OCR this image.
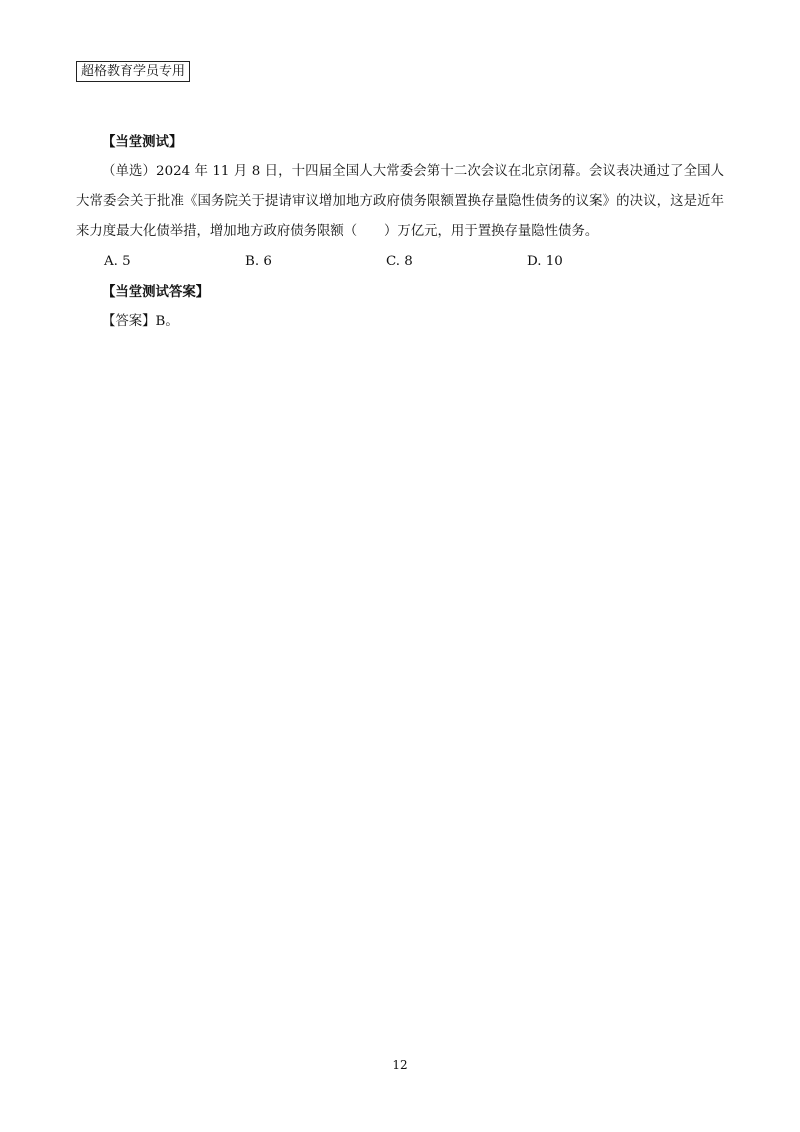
超格教育学员专用
【当堂测试】

（单选）2024 年 11 月 8 日，十四届全国人大常委会第十二次会议在北京闭幕。会议表决通过了全国人大常委会关于批准《国务院关于提请审议增加地方政府债务限额置换存量隐性债务的议案》的决议，这是近年来力度最大化债举措，增加地方政府债务限额（　　）万亿元，用于置换存量隐性债务。

A. 5	B. 6	C. 8	D. 10
【当堂测试答案】
【答案】B。
12
